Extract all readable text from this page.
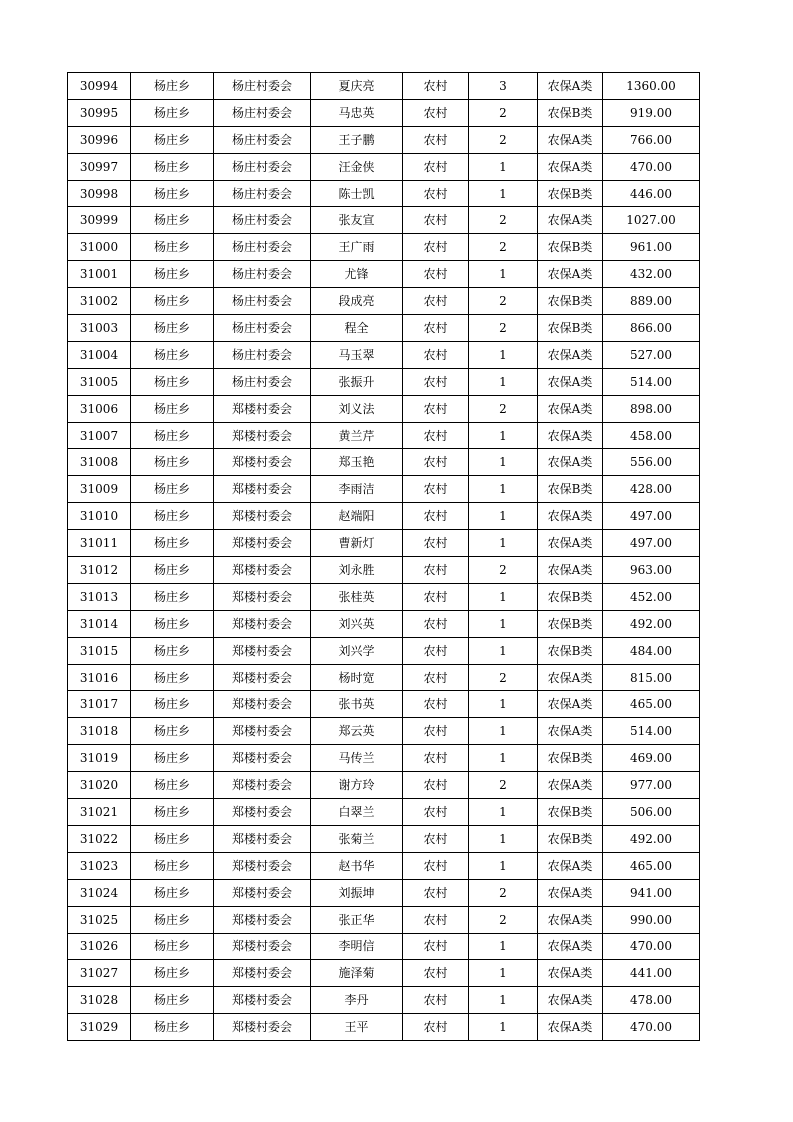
30994	杨庄乡	杨庄村委会	夏庆亮	农村	3	农保A类	1360.00
30995	杨庄乡	杨庄村委会	马忠英	农村	2	农保B类	919.00
30996	杨庄乡	杨庄村委会	王子鹏	农村	2	农保A类	766.00
30997	杨庄乡	杨庄村委会	汪金侠	农村	1	农保A类	470.00
30998	杨庄乡	杨庄村委会	陈士凯	农村	1	农保B类	446.00
30999	杨庄乡	杨庄村委会	张友宣	农村	2	农保A类	1027.00
31000	杨庄乡	杨庄村委会	王广雨	农村	2	农保B类	961.00
31001	杨庄乡	杨庄村委会	尤锋	农村	1	农保A类	432.00
31002	杨庄乡	杨庄村委会	段成亮	农村	2	农保B类	889.00
31003	杨庄乡	杨庄村委会	程全	农村	2	农保B类	866.00
31004	杨庄乡	杨庄村委会	马玉翠	农村	1	农保A类	527.00
31005	杨庄乡	杨庄村委会	张振升	农村	1	农保A类	514.00
31006	杨庄乡	郑楼村委会	刘义法	农村	2	农保A类	898.00
31007	杨庄乡	郑楼村委会	黄兰芹	农村	1	农保A类	458.00
31008	杨庄乡	郑楼村委会	郑玉艳	农村	1	农保A类	556.00
31009	杨庄乡	郑楼村委会	李雨洁	农村	1	农保B类	428.00
31010	杨庄乡	郑楼村委会	赵端阳	农村	1	农保A类	497.00
31011	杨庄乡	郑楼村委会	曹新灯	农村	1	农保A类	497.00
31012	杨庄乡	郑楼村委会	刘永胜	农村	2	农保A类	963.00
31013	杨庄乡	郑楼村委会	张桂英	农村	1	农保B类	452.00
31014	杨庄乡	郑楼村委会	刘兴英	农村	1	农保B类	492.00
31015	杨庄乡	郑楼村委会	刘兴学	农村	1	农保B类	484.00
31016	杨庄乡	郑楼村委会	杨时宽	农村	2	农保A类	815.00
31017	杨庄乡	郑楼村委会	张书英	农村	1	农保A类	465.00
31018	杨庄乡	郑楼村委会	郑云英	农村	1	农保A类	514.00
31019	杨庄乡	郑楼村委会	马传兰	农村	1	农保B类	469.00
31020	杨庄乡	郑楼村委会	谢方玲	农村	2	农保A类	977.00
31021	杨庄乡	郑楼村委会	白翠兰	农村	1	农保B类	506.00
31022	杨庄乡	郑楼村委会	张菊兰	农村	1	农保B类	492.00
31023	杨庄乡	郑楼村委会	赵书华	农村	1	农保A类	465.00
31024	杨庄乡	郑楼村委会	刘振坤	农村	2	农保A类	941.00
31025	杨庄乡	郑楼村委会	张正华	农村	2	农保A类	990.00
31026	杨庄乡	郑楼村委会	李明信	农村	1	农保A类	470.00
31027	杨庄乡	郑楼村委会	施泽菊	农村	1	农保A类	441.00
31028	杨庄乡	郑楼村委会	李丹	农村	1	农保A类	478.00
31029	杨庄乡	郑楼村委会	王平	农村	1	农保A类	470.00
